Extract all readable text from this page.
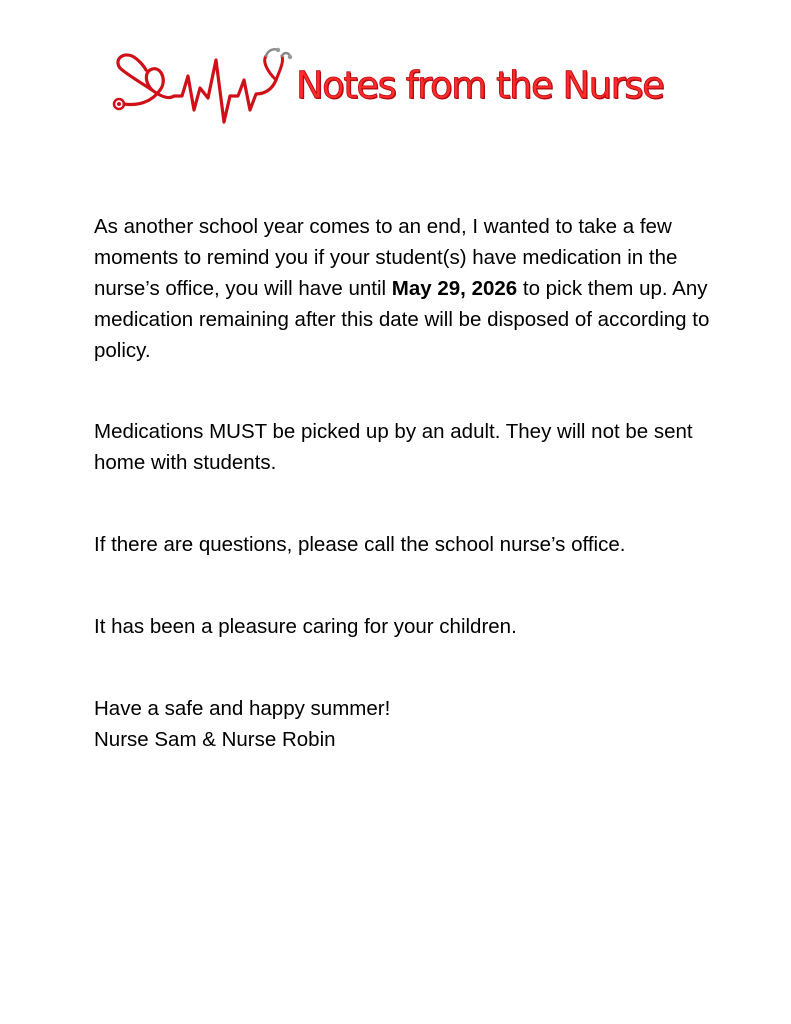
Notes from the Nurse

As another school year comes to an end, I wanted to take a few moments to remind you if your student(s) have medication in the nurse’s office, you will have until May 29, 2026 to pick them up. Any medication remaining after this date will be disposed of according to policy.

Medications MUST be picked up by an adult. They will not be sent home with students.

If there are questions, please call the school nurse’s office.

It has been a pleasure caring for your children.

Have a safe and happy summer!

Nurse Sam & Nurse Robin
